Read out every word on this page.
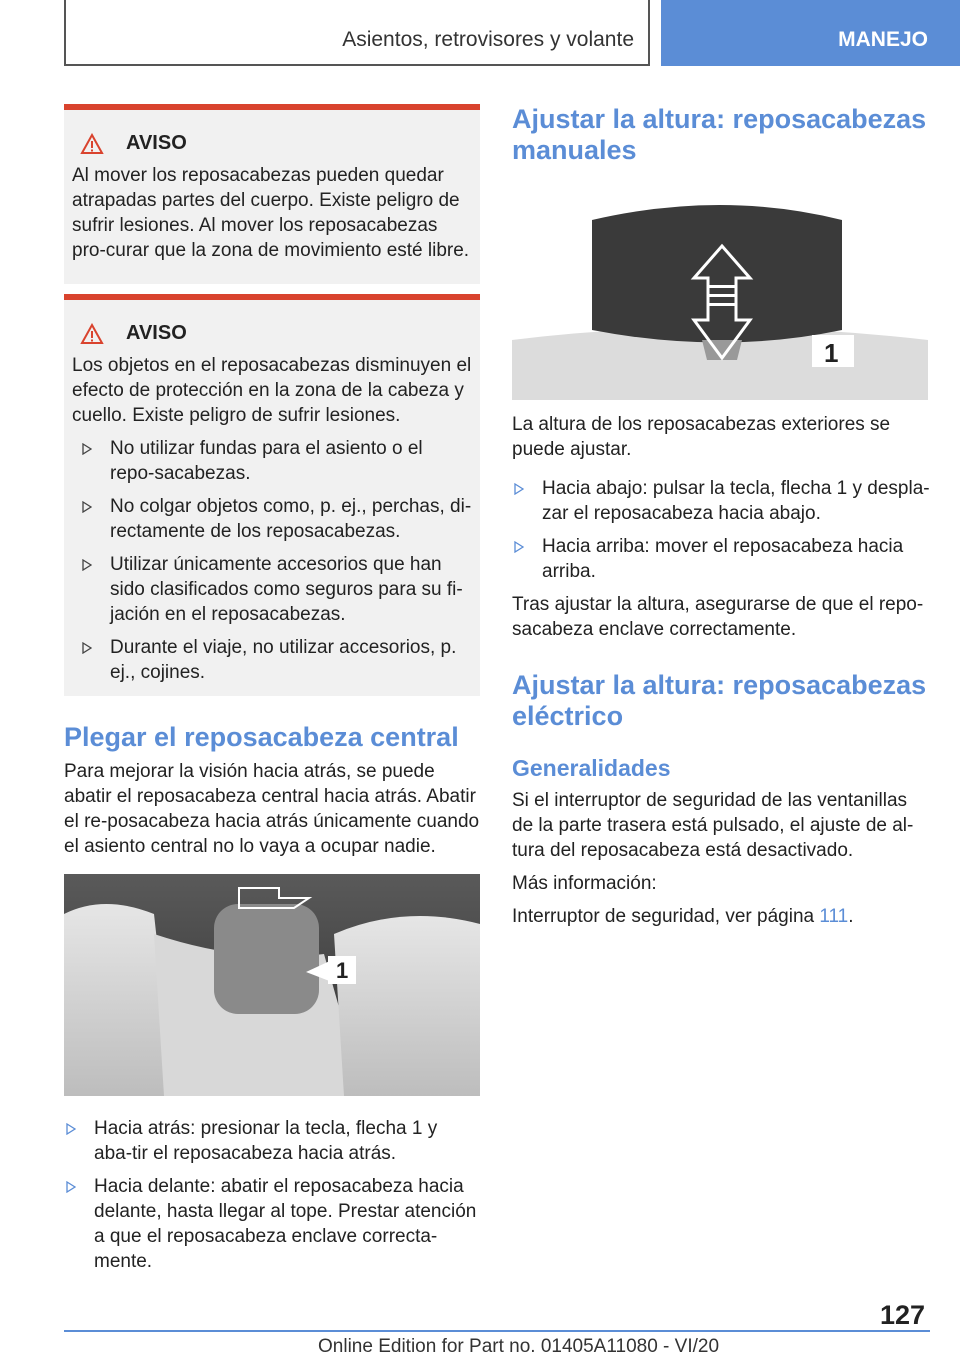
Asientos, retrovisores y volante	MANEJO
AVISO

Al mover los reposacabezas pueden quedar atrapadas partes del cuerpo. Existe peligro de sufrir lesiones. Al mover los reposacabezas pro‐curar que la zona de movimiento esté libre.

AVISO

Los objetos en el reposacabezas disminuyen el efecto de protección en la zona de la cabeza y cuello. Existe peligro de sufrir lesiones.

No utilizar fundas para el asiento o el repo‐sacabezas.
No colgar objetos como, p. ej., perchas, di‐rectamente de los reposacabezas.
Utilizar únicamente accesorios que han sido clasificados como seguros para su fi‐jación en el reposacabezas.
Durante el viaje, no utilizar accesorios, p. ej., cojines.
Plegar el reposacabeza central

Para mejorar la visión hacia atrás, se puede abatir el reposacabeza central hacia atrás. Abatir el re‐posacabeza hacia atrás únicamente cuando el asiento central no lo vaya a ocupar nadie.

1
Hacia atrás: presionar la tecla, flecha 1 y aba‐tir el reposacabeza hacia atrás.
Hacia delante: abatir el reposacabeza hacia delante, hasta llegar al tope. Prestar atención a que el reposacabeza enclave correcta‐mente.
Ajustar la altura: reposacabezas manuales
1

La altura de los reposacabezas exteriores se puede ajustar.

Hacia abajo: pulsar la tecla, flecha 1 y despla‐zar el reposacabeza hacia abajo.
Hacia arriba: mover el reposacabeza hacia arriba.

Tras ajustar la altura, asegurarse de que el repo‐sacabeza enclave correctamente.

Ajustar la altura: reposacabezas eléctrico
Generalidades

Si el interruptor de seguridad de las ventanillas de la parte trasera está pulsado, el ajuste de al‐tura del reposacabeza está desactivado.

Más información:

Interruptor de seguridad, ver página 111.

127
Online Edition for Part no. 01405A11080 - VI/20
